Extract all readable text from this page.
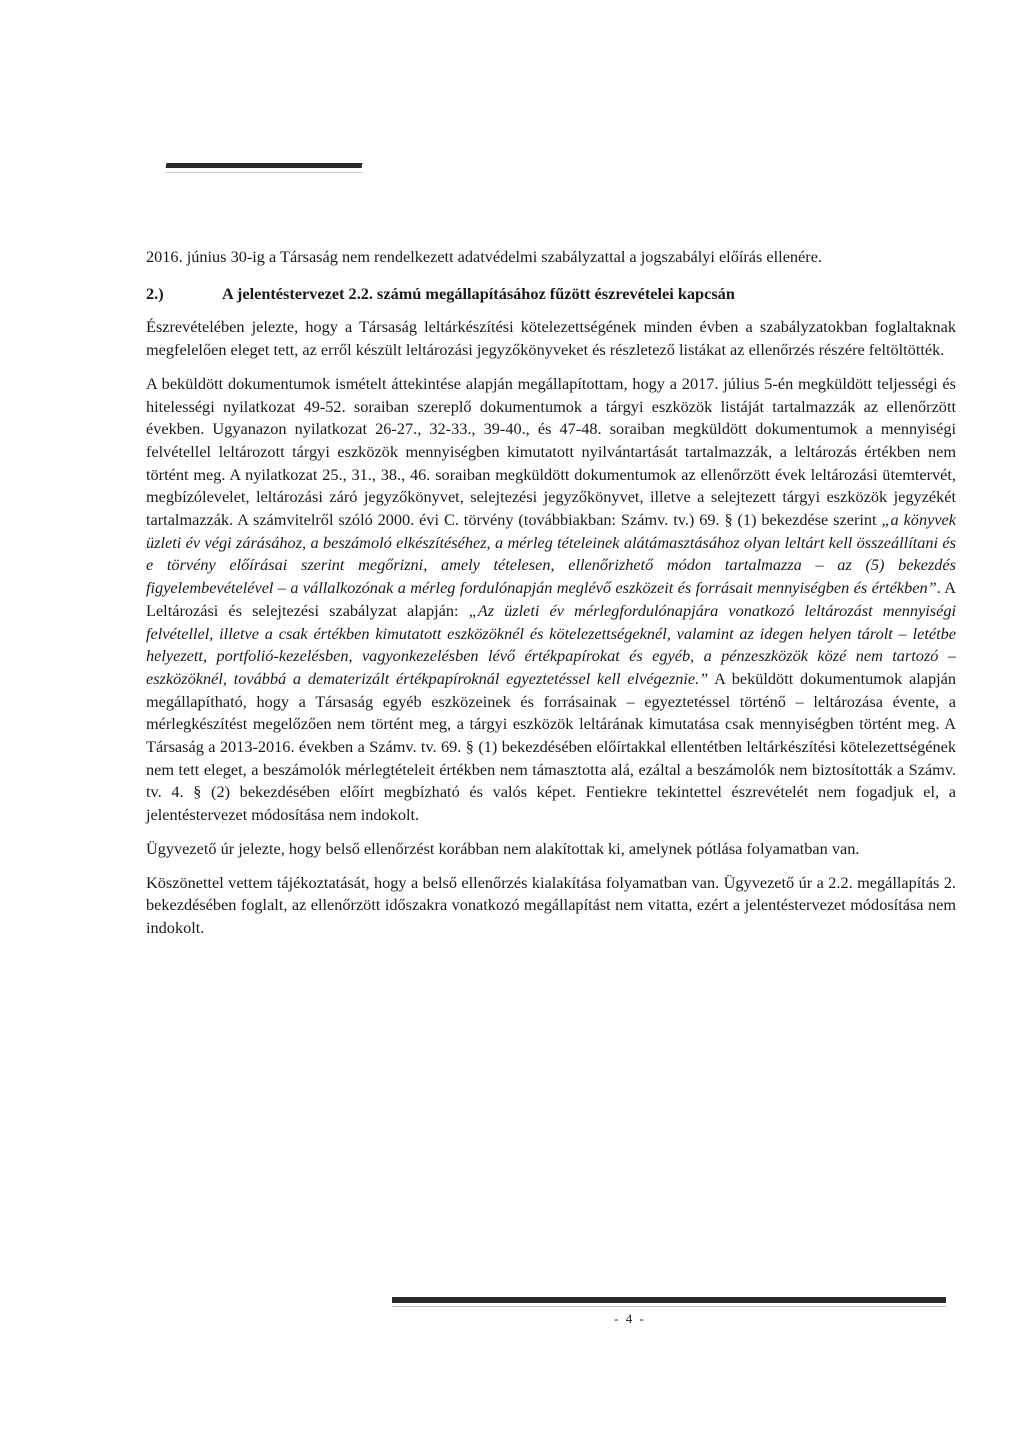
2016. június 30-ig a Társaság nem rendelkezett adatvédelmi szabályzattal a jogszabályi előírás ellenére.

2.)	A jelentéstervezet 2.2. számú megállapításához fűzött észrevételei kapcsán

Észrevételében jelezte, hogy a Társaság leltárkészítési kötelezettségének minden évben a szabályzatokban foglaltaknak megfelelően eleget tett, az erről készült leltározási jegyzőkönyveket és részletező listákat az ellenőrzés részére feltöltötték.

A beküldött dokumentumok ismételt áttekintése alapján megállapítottam, hogy a 2017. július 5-én megküldött teljességi és hitelességi nyilatkozat 49-52. soraiban szereplő dokumentumok a tárgyi eszközök listáját tartalmazzák az ellenőrzött években. Ugyanazon nyilatkozat 26-27., 32-33., 39-40., és 47-48. soraiban megküldött dokumentumok a mennyiségi felvétellel leltározott tárgyi eszközök mennyiségben kimutatott nyilvántartását tartalmazzák, a leltározás értékben nem történt meg. A nyilatkozat 25., 31., 38., 46. soraiban megküldött dokumentumok az ellenőrzött évek leltározási ütemtervét, megbízólevelet, leltározási záró jegyzőkönyvet, selejtezési jegyzőkönyvet, illetve a selejtezett tárgyi eszközök jegyzékét tartalmazzák. A számvitelről szóló 2000. évi C. törvény (továbbiakban: Számv. tv.) 69. § (1) bekezdése szerint „a könyvek üzleti év végi zárásához, a beszámoló elkészítéséhez, a mérleg tételeinek alátámasztásához olyan leltárt kell összeállítani és e törvény előírásai szerint megőrizni, amely tételesen, ellenőrizhető módon tartalmazza – az (5) bekezdés figyelembevételével – a vállalkozónak a mérleg fordulónapján meglévő eszközeit és forrásait mennyiségben és értékben”. A Leltározási és selejtezési szabályzat alapján: „Az üzleti év mérlegfordulónapjára vonatkozó leltározást mennyiségi felvétellel, illetve a csak értékben kimutatott eszközöknél és kötelezettségeknél, valamint az idegen helyen tárolt – letétbe helyezett, portfolió-kezelésben, vagyonkezelésben lévő értékpapírokat és egyéb, a pénzeszközök közé nem tartozó – eszközöknél, továbbá a dematerizált értékpapíroknál egyeztetéssel kell elvégeznie.” A beküldött dokumentumok alapján megállapítható, hogy a Társaság egyéb eszközeinek és forrásainak – egyeztetéssel történő – leltározása évente, a mérlegkészítést megelőzően nem történt meg, a tárgyi eszközök leltárának kimutatása csak mennyiségben történt meg. A Társaság a 2013-2016. években a Számv. tv. 69. § (1) bekezdésében előírtakkal ellentétben leltárkészítési kötelezettségének nem tett eleget, a beszámolók mérlegtételeit értékben nem támasztotta alá, ezáltal a beszámolók nem biztosították a Számv. tv. 4. § (2) bekezdésében előírt megbízható és valós képet. Fentiekre tekintettel észrevételét nem fogadjuk el, a jelentéstervezet módosítása nem indokolt.

Ügyvezető úr jelezte, hogy belső ellenőrzést korábban nem alakítottak ki, amelynek pótlása folyamatban van.

Köszönettel vettem tájékoztatását, hogy a belső ellenőrzés kialakítása folyamatban van. Ügyvezető úr a 2.2. megállapítás 2. bekezdésében foglalt, az ellenőrzött időszakra vonatkozó megállapítást nem vitatta, ezért a jelentéstervezet módosítása nem indokolt.

- 4 -
